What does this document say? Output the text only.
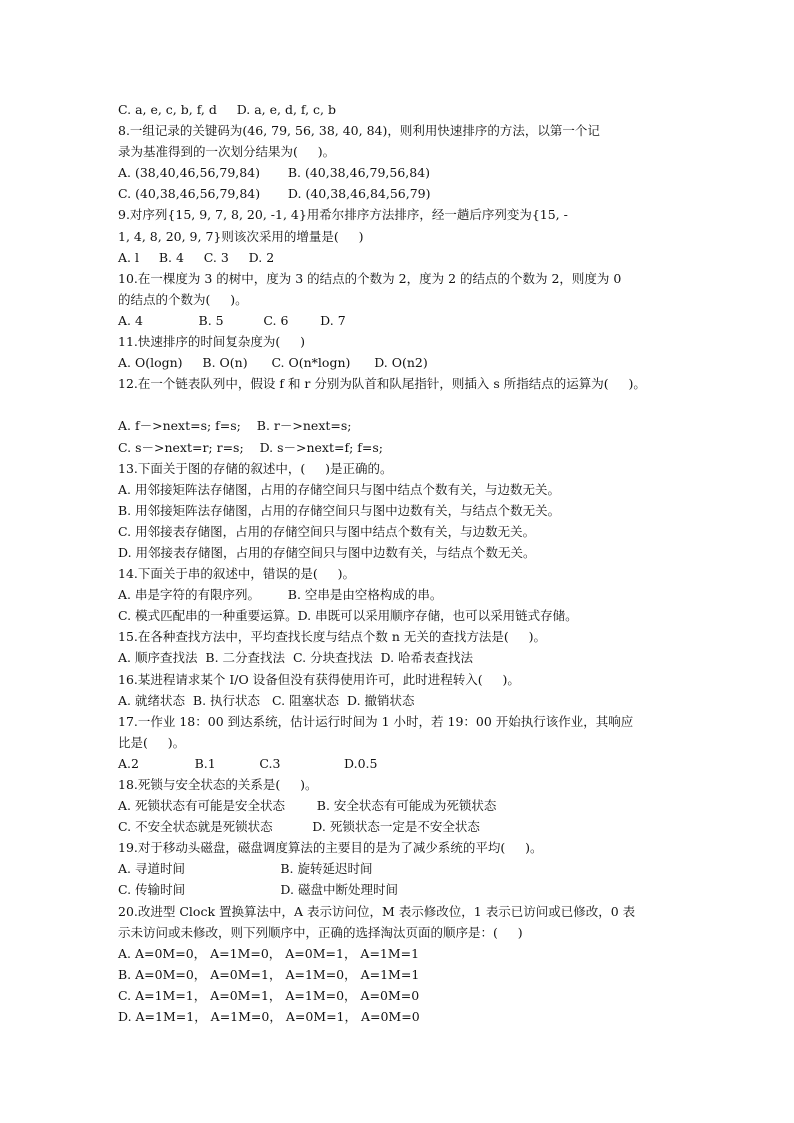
C. a, e, c, b, f, d     D. a, e, d, f, c, b
8.一组记录的关键码为(46, 79, 56, 38, 40, 84)，则利用快速排序的方法，以第一个记
录为基准得到的一次划分结果为(     )。
A. (38,40,46,56,79,84)       B. (40,38,46,79,56,84)
C. (40,38,46,56,79,84)       D. (40,38,46,84,56,79)
9.对序列{15, 9, 7, 8, 20, -1, 4}用希尔排序方法排序，经一趟后序列变为{15, -
1, 4, 8, 20, 9, 7}则该次采用的增量是(     )
A. l     B. 4     C. 3     D. 2
10.在一棵度为 3 的树中，度为 3 的结点的个数为 2，度为 2 的结点的个数为 2，则度为 0
的结点的个数为(     )。
A. 4              B. 5          C. 6        D. 7
11.快速排序的时间复杂度为(     )
A. O(logn)     B. O(n)      C. O(n*logn)      D. O(n2)
12.在一个链表队列中，假设 f 和 r 分别为队首和队尾指针，则插入 s 所指结点的运算为(     )。
A. f－>next=s; f=s;    B. r－>next=s;
C. s－>next=r; r=s;    D. s－>next=f; f=s;
13.下面关于图的存储的叙述中，(     )是正确的。
A. 用邻接矩阵法存储图，占用的存储空间只与图中结点个数有关，与边数无关。
B. 用邻接矩阵法存储图，占用的存储空间只与图中边数有关，与结点个数无关。
C. 用邻接表存储图，占用的存储空间只与图中结点个数有关，与边数无关。
D. 用邻接表存储图，占用的存储空间只与图中边数有关，与结点个数无关。
14.下面关于串的叙述中，错误的是(     )。
A. 串是字符的有限序列。       B. 空串是由空格构成的串。
C. 模式匹配串的一种重要运算。D. 串既可以采用顺序存储，也可以采用链式存储。
15.在各种查找方法中，平均查找长度与结点个数 n 无关的查找方法是(     )。
A. 顺序查找法  B. 二分查找法  C. 分块查找法  D. 哈希表查找法
16.某进程请求某个 I/O 设备但没有获得使用许可，此时进程转入(     )。
A. 就绪状态  B. 执行状态   C. 阻塞状态  D. 撤销状态
17.一作业 18：00 到达系统，估计运行时间为 1 小时，若 19：00 开始执行该作业，其响应
比是(     )。
A.2              B.1           C.3                D.0.5
18.死锁与安全状态的关系是(     )。
A. 死锁状态有可能是安全状态        B. 安全状态有可能成为死锁状态
C. 不安全状态就是死锁状态          D. 死锁状态一定是不安全状态
19.对于移动头磁盘，磁盘调度算法的主要目的是为了减少系统的平均(     )。
A. 寻道时间                        B. 旋转延迟时间
C. 传输时间                        D. 磁盘中断处理时间
20.改进型 Clock 置换算法中，A 表示访问位，M 表示修改位，1 表示已访问或已修改，0 表
示未访问或未修改，则下列顺序中，正确的选择淘汰页面的顺序是：(     )
A. A=0M=0， A=1M=0， A=0M=1， A=1M=1
B. A=0M=0， A=0M=1， A=1M=0， A=1M=1
C. A=1M=1， A=0M=1， A=1M=0， A=0M=0
D. A=1M=1， A=1M=0， A=0M=1， A=0M=0
